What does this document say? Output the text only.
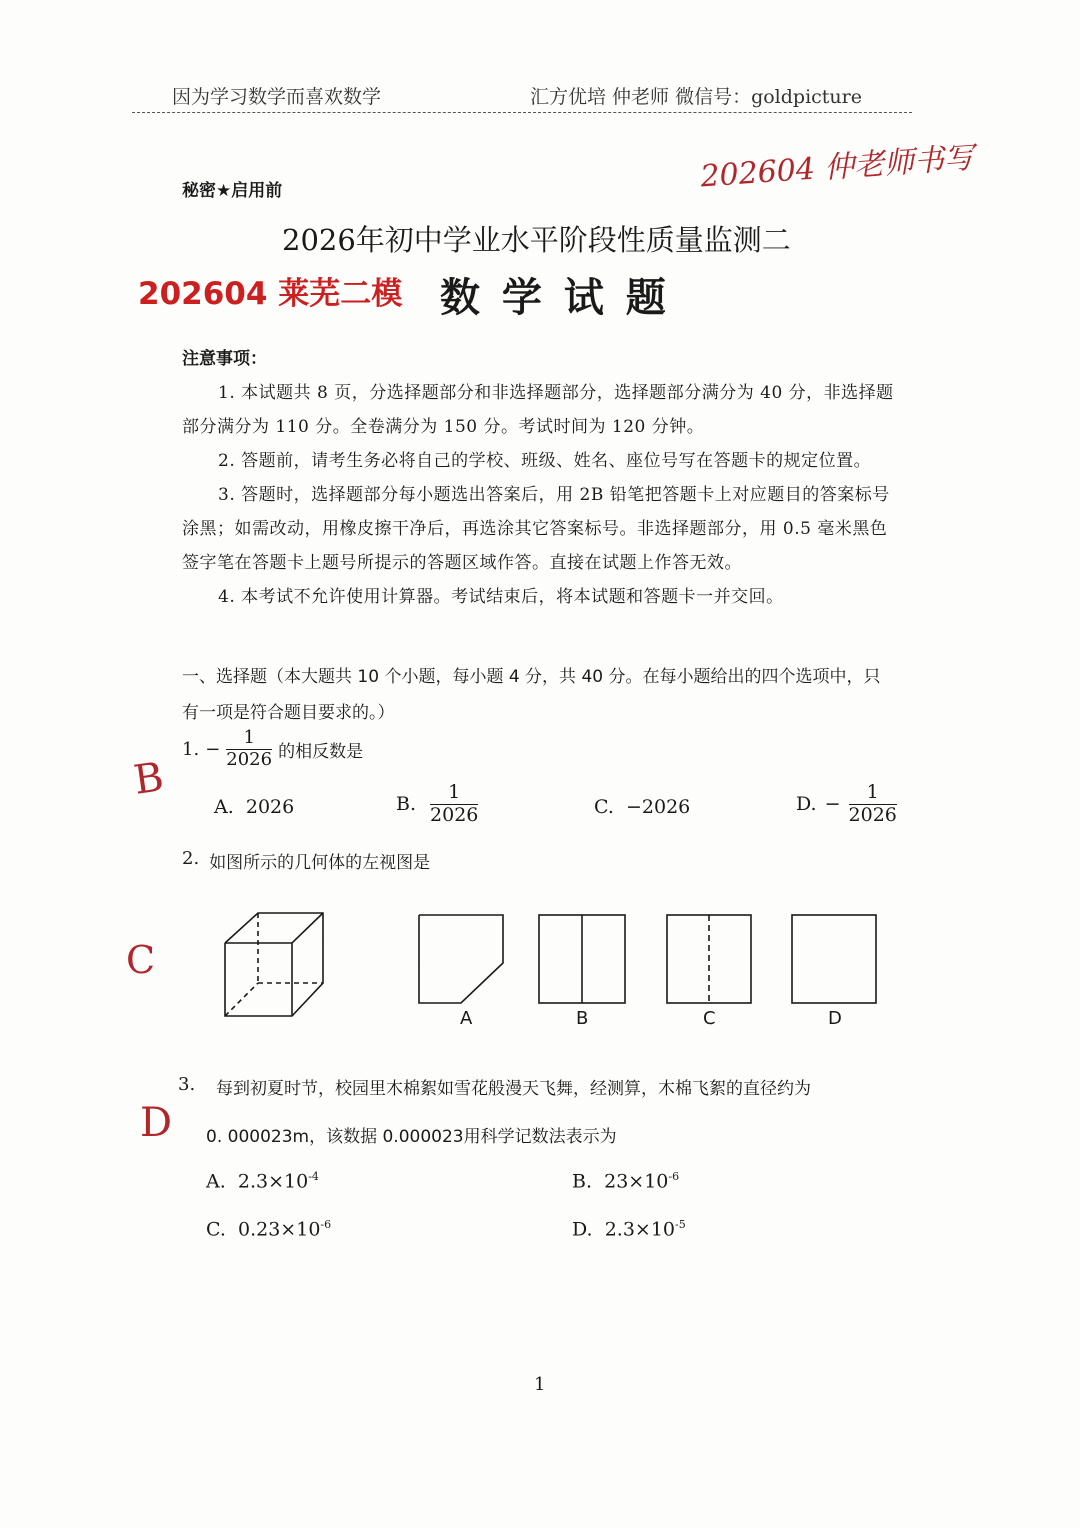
因为学习数学而喜欢数学	汇方优培 仲老师 微信号：goldpicture
202604 仲老师书写
秘密★启用前
2026年初中学业水平阶段性质量监测二
202604 莱芜二模 数 学 试 题
注意事项：
1. 本试题共 8 页，分选择题部分和非选择题部分，选择题部分满分为 40 分，非选择题
部分满分为 110 分。全卷满分为 150 分。考试时间为 120 分钟。
2. 答题前，请考生务必将自己的学校、班级、姓名、座位号写在答题卡的规定位置。
3. 答题时，选择题部分每小题选出答案后，用 2B 铅笔把答题卡上对应题目的答案标号
涂黑；如需改动，用橡皮擦干净后，再选涂其它答案标号。非选择题部分，用 0.5 毫米黑色
签字笔在答题卡上题号所提示的答题区域作答。直接在试题上作答无效。
4. 本考试不允许使用计算器。考试结束后，将本试题和答题卡一并交回。
一、选择题（本大题共 10 个小题，每小题 4 分，共 40 分。在每小题给出的四个选项中，只
有一项是符合题目要求的。）
1. − $\frac{1}{2026}$ 的相反数是
B
A. 2026	B. $\frac{1}{2026}$	C. −2026	D. − $\frac{1}{2026}$
2. 如图所示的几何体的左视图是
C
A	B	C	D
3. 每到初夏时节，校园里木棉絮如雪花般漫天飞舞，经测算，木棉飞絮的直径约为
0. 000023m，该数据 0.000023用科学记数法表示为
D
A. $2.3\times 10^{-4}$	B. $23\times 10^{-6}$
C. $0.23\times 10^{-6}$	D. $2.3\times 10^{-5}$
1
